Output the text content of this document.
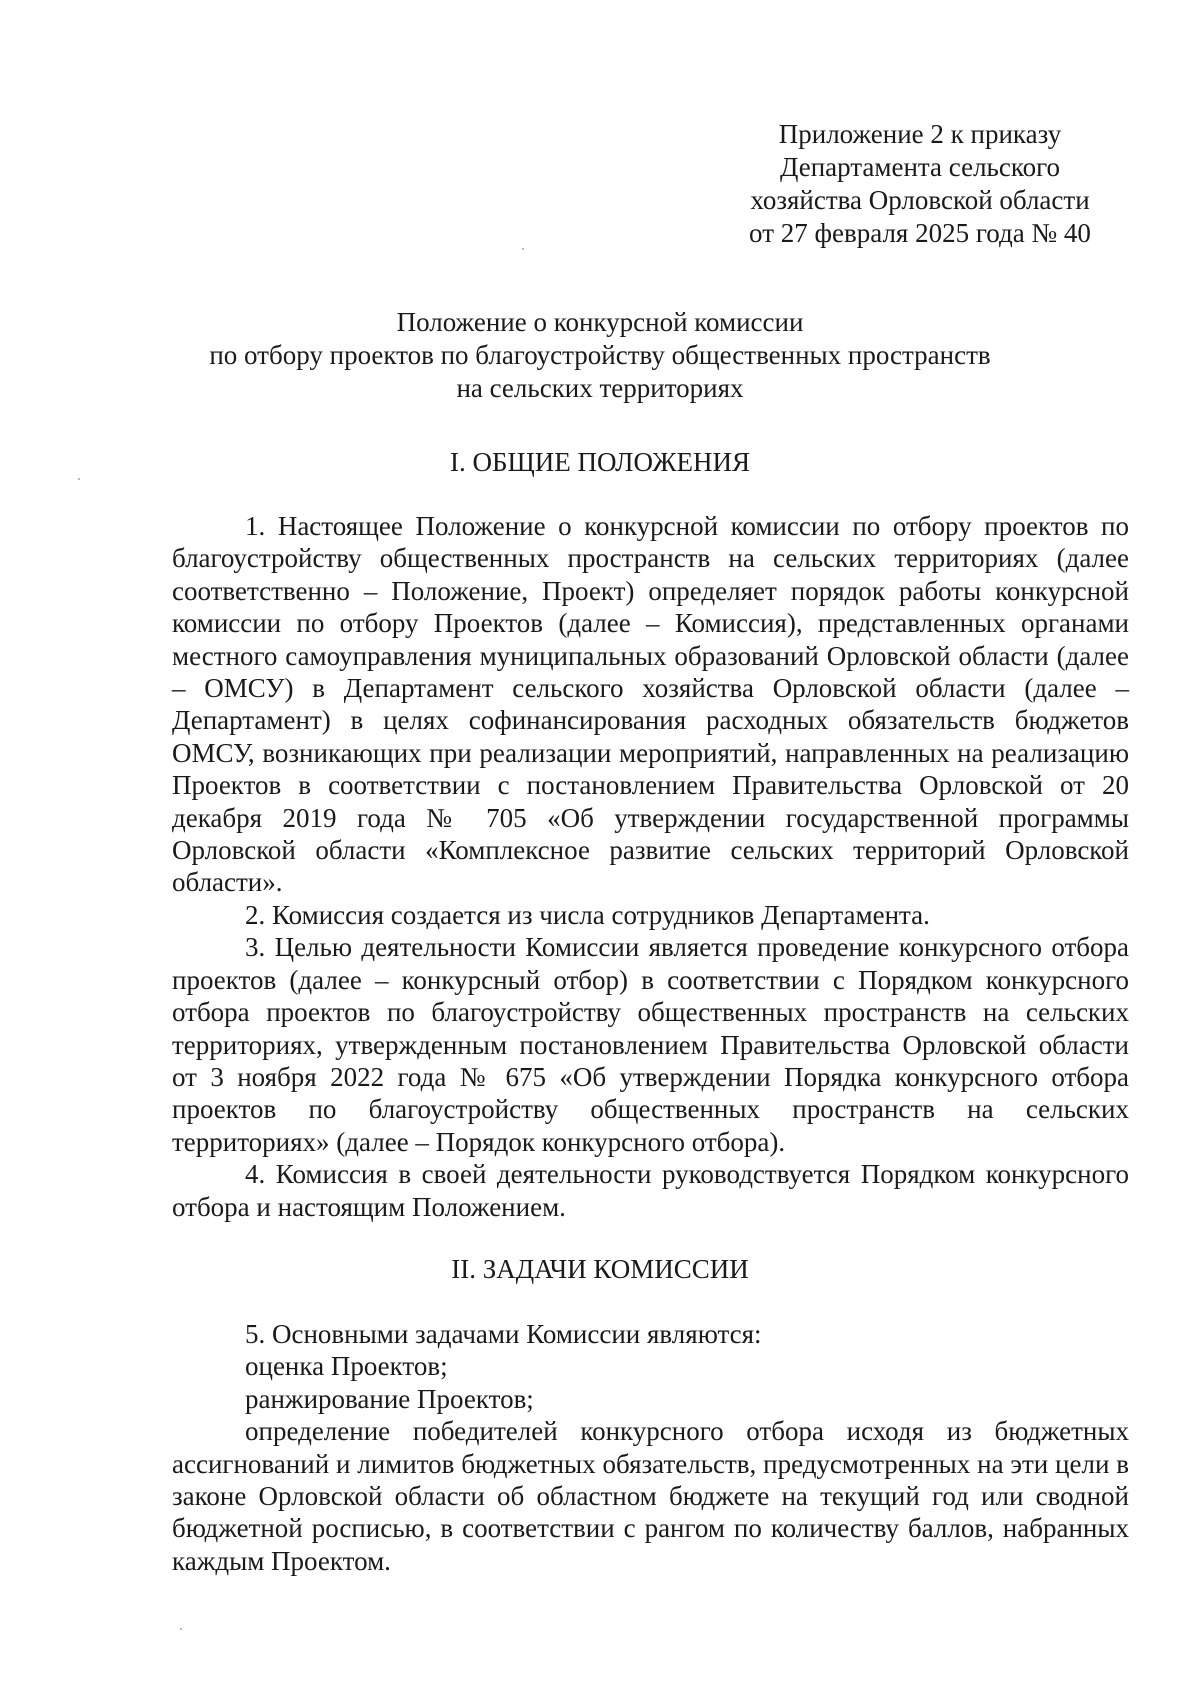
Приложение 2 к приказу
Департамента сельского
хозяйства Орловской области
от 27 февраля 2025 года № 40
Положение о конкурсной комиссии
по отбору проектов по благоустройству общественных пространств
на сельских территориях
I. ОБЩИЕ ПОЛОЖЕНИЯ

1. Настоящее Положение о конкурсной комиссии по отбору проектов по благоустройству общественных пространств на сельских территориях (далее соответственно – Положение, Проект) определяет порядок работы конкурсной комиссии по отбору Проектов (далее – Комиссия), представленных органами местного самоуправления муниципальных образований Орловской области (далее – ОМСУ) в Департамент сельского хозяйства Орловской области (далее – Департамент) в целях софинансирования расходных обязательств бюджетов ОМСУ, возникающих при реализации мероприятий, направленных на реализацию Проектов в соответствии с постановлением Правительства Орловской от 20 декабря 2019 года № 705 «Об утверждении государственной программы Орловской области «Комплексное развитие сельских территорий Орловской области».

2. Комиссия создается из числа сотрудников Департамента.

3. Целью деятельности Комиссии является проведение конкурсного отбора проектов (далее – конкурсный отбор) в соответствии с Порядком конкурсного отбора проектов по благоустройству общественных пространств на сельских территориях, утвержденным постановлением Правительства Орловской области от 3 ноября 2022 года № 675 «Об утверждении Порядка конкурсного отбора проектов по благоустройству общественных пространств на сельских территориях» (далее – Порядок конкурсного отбора).

4. Комиссия в своей деятельности руководствуется Порядком конкурсного отбора и настоящим Положением.

II. ЗАДАЧИ КОМИССИИ

5. Основными задачами Комиссии являются:

оценка Проектов;

ранжирование Проектов;

определение победителей конкурсного отбора исходя из бюджетных ассигнований и лимитов бюджетных обязательств, предусмотренных на эти цели в законе Орловской области об областном бюджете на текущий год или сводной бюджетной росписью, в соответствии с рангом по количеству баллов, набранных каждым Проектом.
